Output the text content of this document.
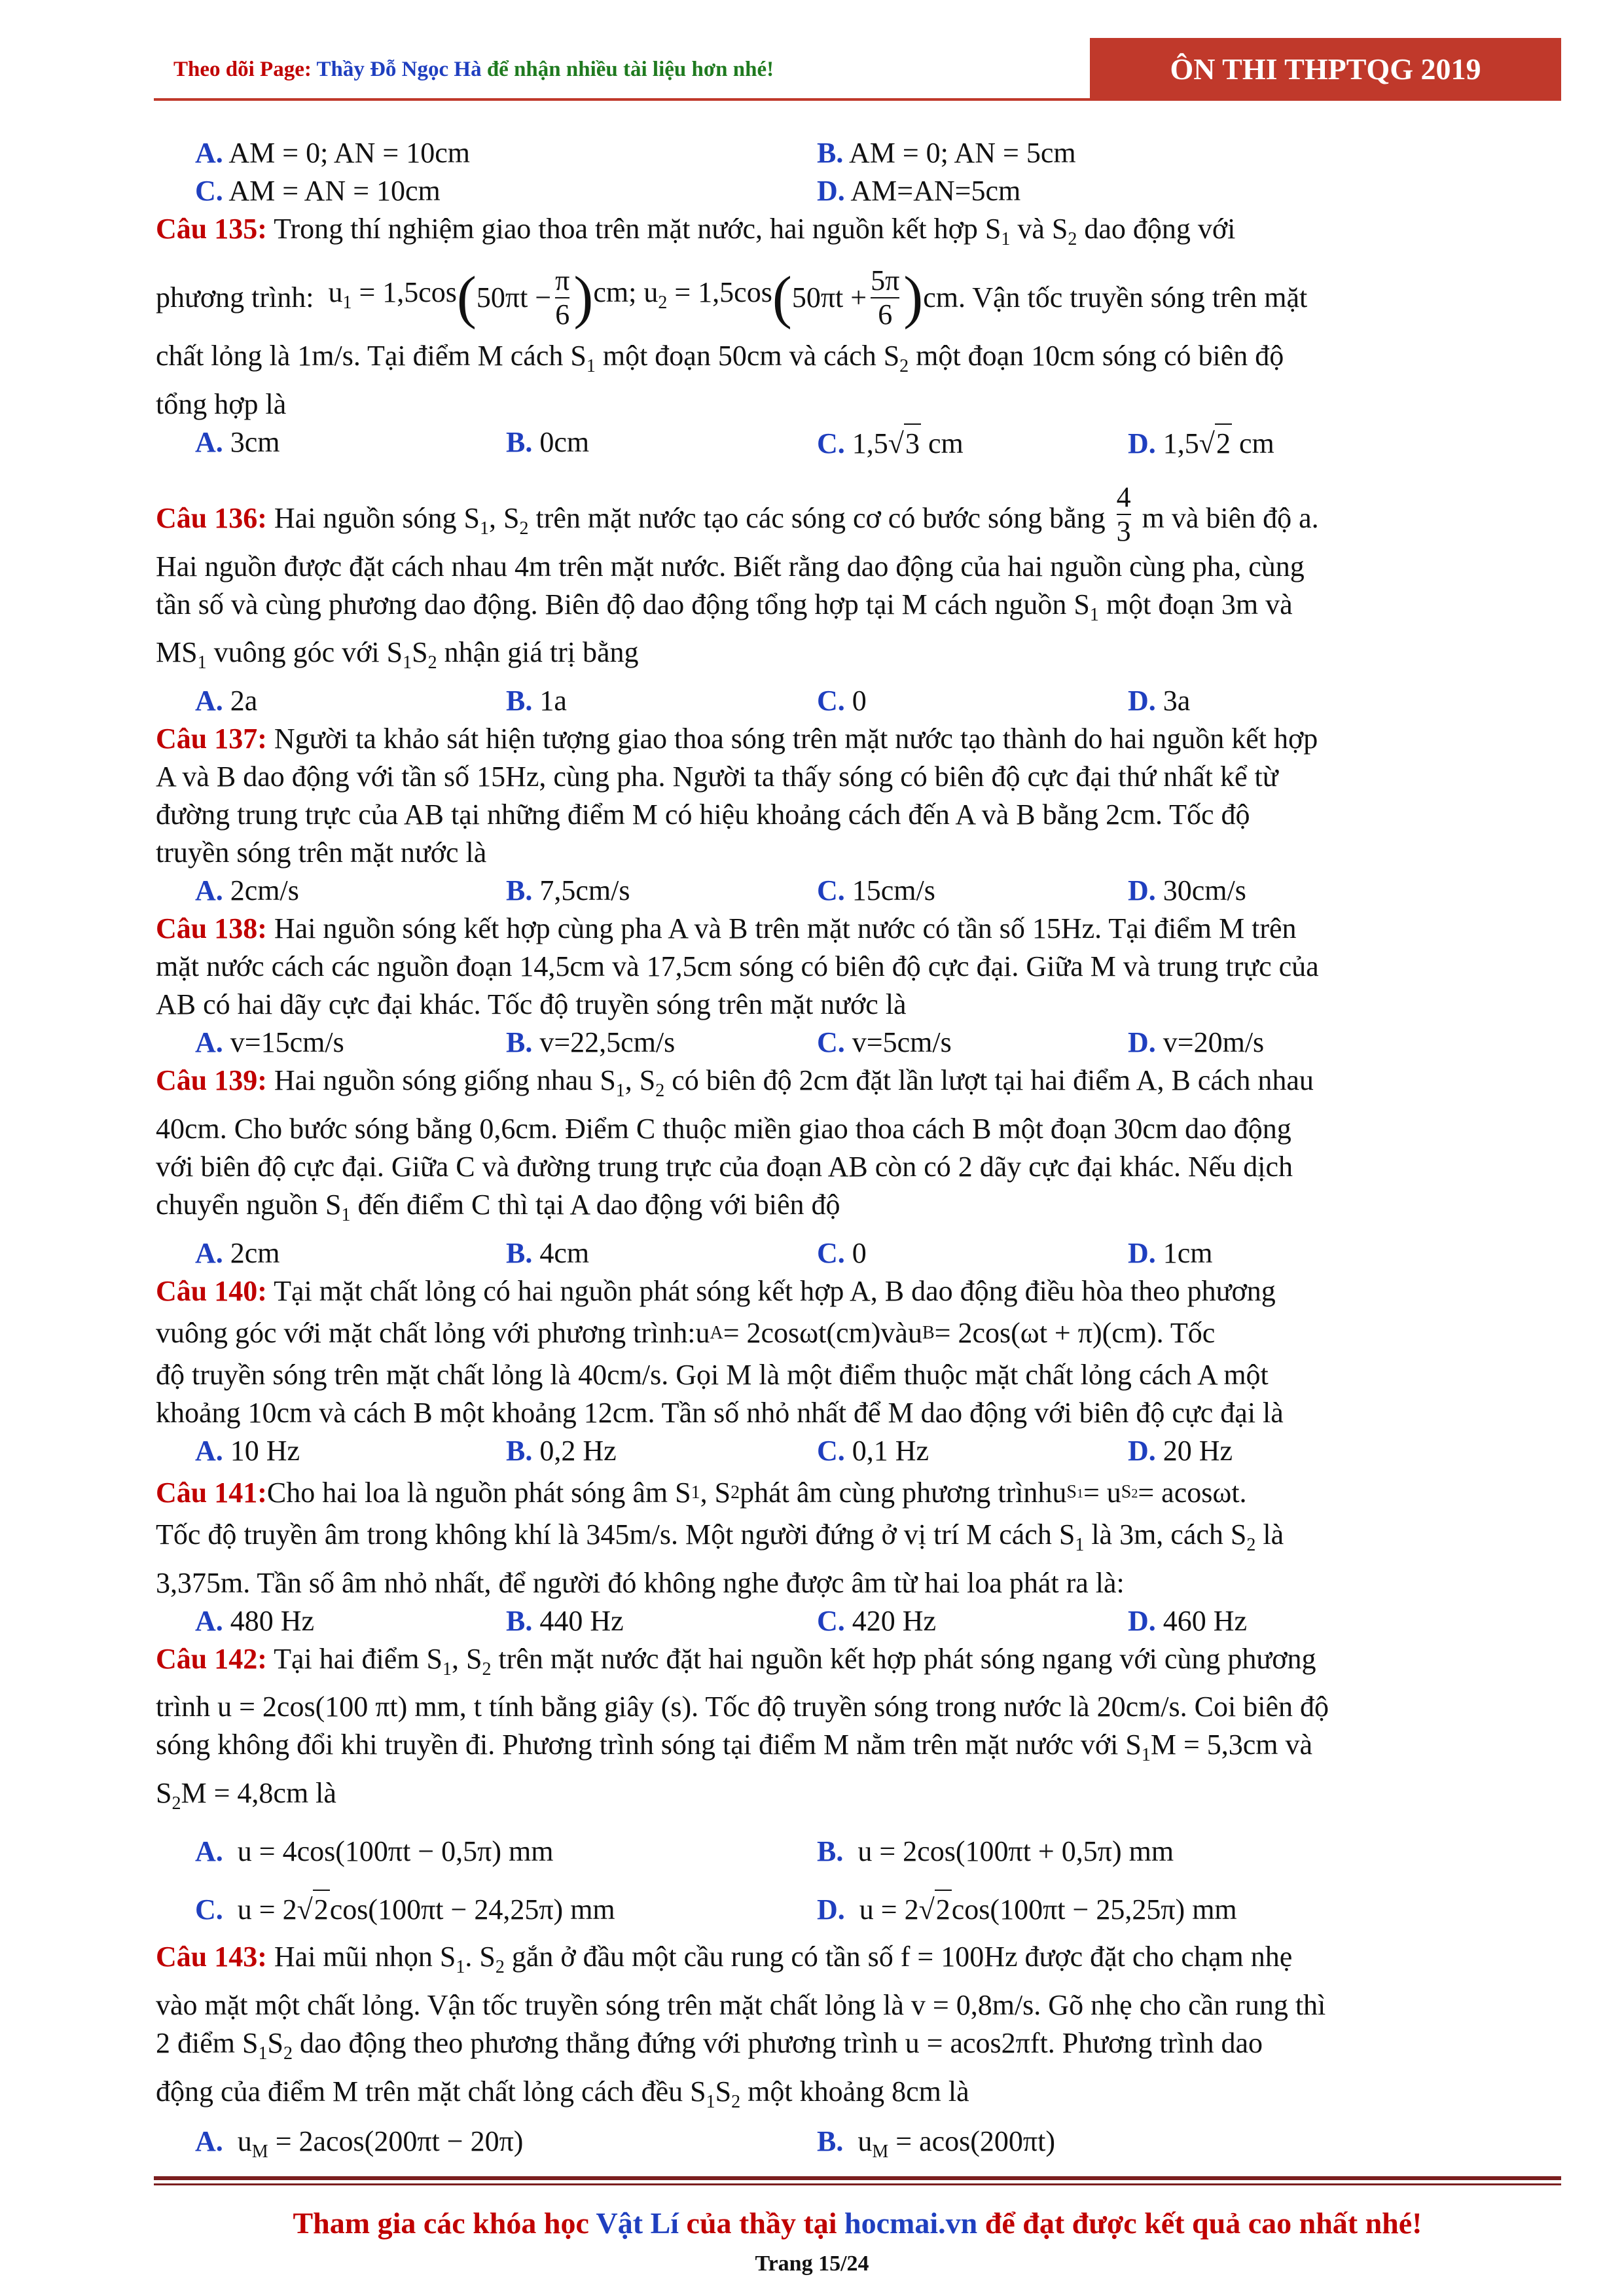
Theo dõi Page: Thầy Đỗ Ngọc Hà để nhận nhiều tài liệu hơn nhé!	ÔN THI THPTQG 2019
A. AM = 0; AN = 10cm	B. AM = 0; AN = 5cm
C. AM = AN = 10cm	D. AM=AN=5cm
Câu 135: Trong thí nghiệm giao thoa trên mặt nước, hai nguồn kết hợp $S_1$ và $S_2$ dao động với
phương trình:
$u_1 = 1,5\cos$ ( $50\pi t - \frac{\pi}{6}$ ) cm; $u_2 = 1,5\cos$ ( $50\pi t + \frac{5\pi}{6}$ ) cm . Vận tốc truyền sóng trên mặt
chất lỏng là 1m/s. Tại điểm M cách $S_1$ một đoạn 50cm và cách $S_2$ một đoạn 10cm sóng có biên độ
tổng hợp là
A. 3cm	B. 0cm	C. 1,5√3 cm	D. 1,5√2 cm
Câu 136: Hai nguồn sóng $S_1$, $S_2$ trên mặt nước tạo các sóng cơ có bước sóng bằng $\frac{4}{3}$ m và biên độ a.
Hai nguồn được đặt cách nhau 4m trên mặt nước. Biết rằng dao động của hai nguồn cùng pha, cùng
tần số và cùng phương dao động. Biên độ dao động tổng hợp tại M cách nguồn $S_1$ một đoạn 3m và
$MS_1$ vuông góc với $S_1S_2$ nhận giá trị bằng
A. 2a	B. 1a	C. 0	D. 3a
Câu 137: Người ta khảo sát hiện tượng giao thoa sóng trên mặt nước tạo thành do hai nguồn kết hợp
A và B dao động với tần số 15Hz, cùng pha. Người ta thấy sóng có biên độ cực đại thứ nhất kể từ
đường trung trực của AB tại những điểm M có hiệu khoảng cách đến A và B bằng 2cm. Tốc độ
truyền sóng trên mặt nước là
A. 2cm/s	B. 7,5cm/s	C. 15cm/s	D. 30cm/s
Câu 138: Hai nguồn sóng kết hợp cùng pha A và B trên mặt nước có tần số 15Hz. Tại điểm M trên
mặt nước cách các nguồn đoạn 14,5cm và 17,5cm sóng có biên độ cực đại. Giữa M và trung trực của
AB có hai dãy cực đại khác. Tốc độ truyền sóng trên mặt nước là
A. v=15cm/s	B. v=22,5cm/s	C. v=5cm/s	D. v=20m/s
Câu 139: Hai nguồn sóng giống nhau $S_1$, $S_2$ có biên độ 2cm đặt lần lượt tại hai điểm A, B cách nhau
40cm. Cho bước sóng bằng 0,6cm. Điểm C thuộc miền giao thoa cách B một đoạn 30cm dao động
với biên độ cực đại. Giữa C và đường trung trực của đoạn AB còn có 2 dãy cực đại khác. Nếu dịch
chuyển nguồn $S_1$ đến điểm C thì tại A dao động với biên độ
A. 2cm	B. 4cm	C. 0	D. 1cm
Câu 140: Tại mặt chất lỏng có hai nguồn phát sóng kết hợp A, B dao động điều hòa theo phương
vuông góc với mặt chất lỏng với phương trình: u A = 2cosωt(cm) và u B = 2cos(ωt + π)(cm) . Tốc
độ truyền sóng trên mặt chất lỏng là 40cm/s. Gọi M là một điểm thuộc mặt chất lỏng cách A một
khoảng 10cm và cách B một khoảng 12cm. Tần số nhỏ nhất để M dao động với biên độ cực đại là
A. 10 Hz	B. 0,2 Hz	C. 0,1 Hz	D. 20 Hz
Câu 141: Cho hai loa là nguồn phát sóng âm S 1 , S 2 phát âm cùng phương trình u S1 = u S2 = acosωt .
Tốc độ truyền âm trong không khí là 345m/s. Một người đứng ở vị trí M cách $S_1$ là 3m, cách $S_2$ là
3,375m. Tần số âm nhỏ nhất, để người đó không nghe được âm từ hai loa phát ra là:
A. 480 Hz	B. 440 Hz	C. 420 Hz	D. 460 Hz
Câu 142: Tại hai điểm $S_1$, $S_2$ trên mặt nước đặt hai nguồn kết hợp phát sóng ngang với cùng phương
trình u = 2cos(100 πt) mm, t tính bằng giây (s). Tốc độ truyền sóng trong nước là 20cm/s. Coi biên độ
sóng không đổi khi truyền đi. Phương trình sóng tại điểm M nằm trên mặt nước với $S_1M = 5,3cm$ và
$S_2M = 4,8cm$ là
A. u = 4cos(100πt − 0,5π) mm	B. u = 2cos(100πt + 0,5π) mm
C. u = 2√2cos(100πt − 24,25π) mm	D. u = 2√2cos(100πt − 25,25π) mm
Câu 143: Hai mũi nhọn $S_1$. $S_2$ gắn ở đầu một cầu rung có tần số f = 100Hz được đặt cho chạm nhẹ
vào mặt một chất lỏng. Vận tốc truyền sóng trên mặt chất lỏng là v = 0,8m/s. Gõ nhẹ cho cần rung thì
2 điểm $S_1S_2$ dao động theo phương thẳng đứng với phương trình u = acos2πft. Phương trình dao
động của điểm M trên mặt chất lỏng cách đều $S_1S_2$ một khoảng 8cm là
A. $u_M = 2acos(200\pi t - 20\pi)$	B. $u_M = acos(200\pi t)$
Tham gia các khóa học Vật Lí của thầy tại hocmai.vn để đạt được kết quả cao nhất nhé!
Trang 15/24
